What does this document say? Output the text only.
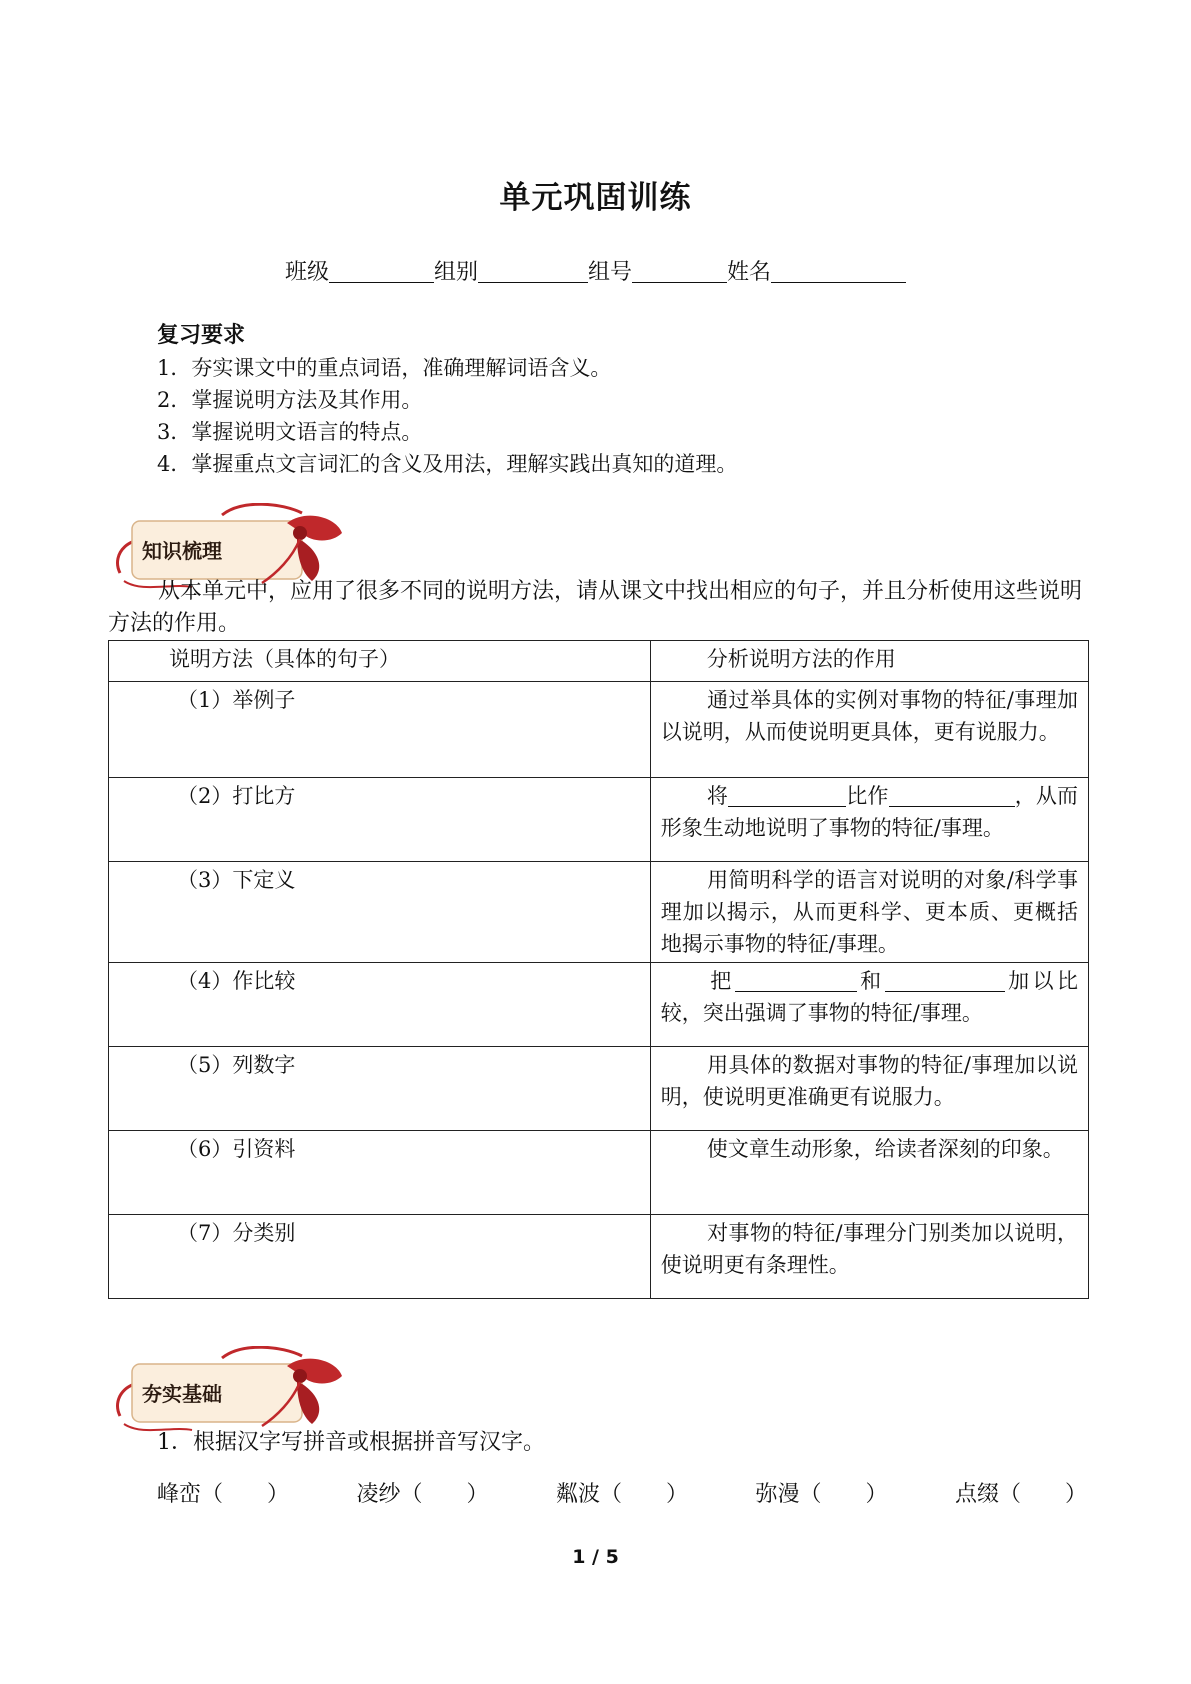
单元巩固训练
班级	组别	组号	姓名
复习要求
1．夯实课文中的重点词语，准确理解词语含义。
2．掌握说明方法及其作用。
3．掌握说明文语言的特点。
4．掌握重点文言词汇的含义及用法，理解实践出真知的道理。
知识梳理
从本单元中，应用了很多不同的说明方法，请从课文中找出相应的句子，并且分析使用这些说明方法的作用。
说明方法（具体的句子）	分析说明方法的作用
（1）举例子	通过举具体的实例对事物的特征/事理加以说明，从而使说明更具体，更有说服力。
（2）打比方	将 比作 ，从而形象生动地说明了事物的特征/事理。
（3）下定义	用简明科学的语言对说明的对象/科学事理加以揭示，从而更科学、更本质、更概括地揭示事物的特征/事理。
（4）作比较	把 和 加以比较，突出强调了事物的特征/事理。
（5）列数字	用具体的数据对事物的特征/事理加以说明，使说明更准确更有说服力。
（6）引资料	使文章生动形象，给读者深刻的印象。
（7）分类别	对事物的特征/事理分门别类加以说明，使说明更有条理性。
夯实基础
1．根据汉字写拼音或根据拼音写汉字。
峰峦（　　）	凌纱（　　）	粼波（　　）	弥漫（　　）	点缀（　　）
1 / 5
